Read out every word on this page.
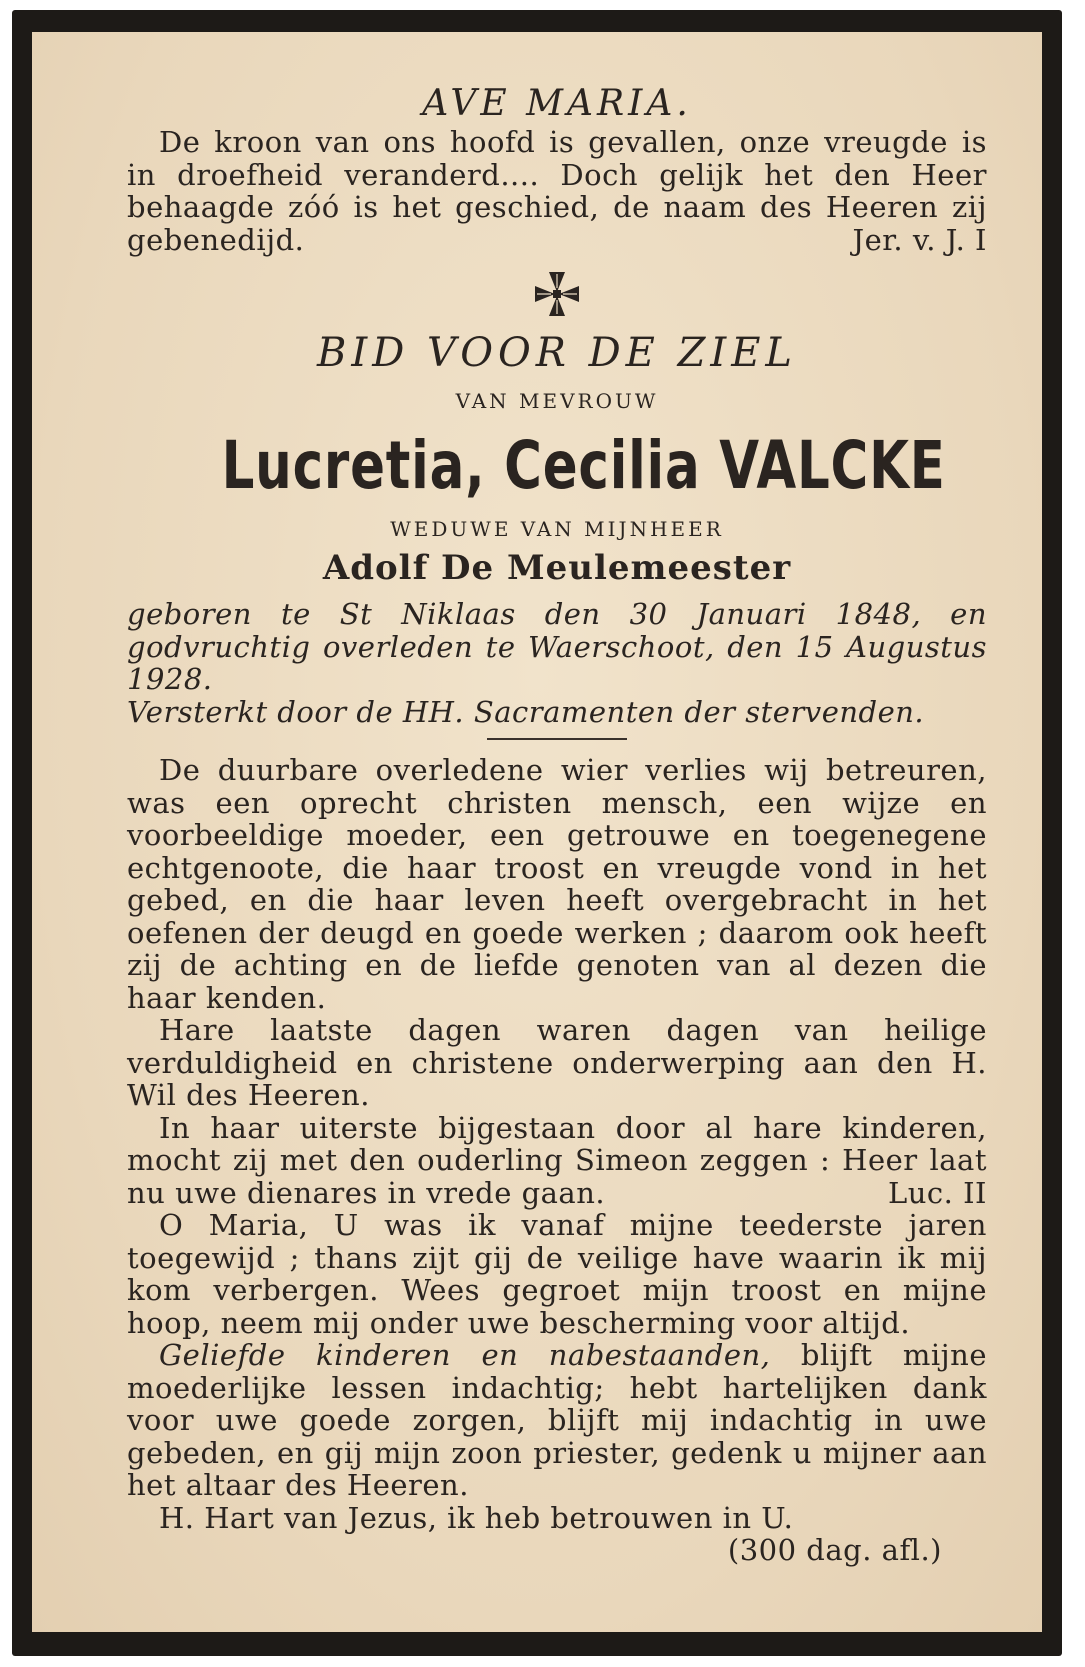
AVE MARIA.

De kroon van ons hoofd is gevallen, onze vreugde is in droefheid veranderd.... Doch gelijk het den Heer behaagde zóó is het geschied, de naam des Heeren zij gebenedijd.	Jer. v. J. I

BID VOOR DE ZIEL

VAN MEVROUW

Lucretia, Cecilia VALCKE

WEDUWE VAN MIJNHEER

Adolf De Meulemeester

geboren te St Niklaas den 30 Januari 1848, en godvruchtig overleden te Waerschoot, den 15 Augustus 1928.

Versterkt door de HH. Sacramenten der stervenden.

De duurbare overledene wier verlies wij betreuren, was een oprecht christen mensch, een wijze en voorbeeldige moeder, een getrouwe en toegenegene echtgenoote, die haar troost en vreugde vond in het gebed, en die haar leven heeft overgebracht in het oefenen der deugd en goede werken ; daarom ook heeft zij de achting en de liefde genoten van al dezen die haar kenden.

Hare laatste dagen waren dagen van heilige verduldigheid en christene onderwerping aan den H. Wil des Heeren.

In haar uiterste bijgestaan door al hare kinderen, mocht zij met den ouderling Simeon zeggen : Heer laat nu uwe dienares in vrede gaan.	Luc. II

O Maria, U was ik vanaf mijne teederste jaren toegewijd ; thans zijt gij de veilige have waarin ik mij kom verbergen. Wees gegroet mijn troost en mijne hoop, neem mij onder uwe bescherming voor altijd.

Geliefde kinderen en nabestaanden, blijft mijne moederlijke lessen indachtig; hebt hartelijken dank voor uwe goede zorgen, blijft mij indachtig in uwe gebeden, en gij mijn zoon priester, gedenk u mijner aan het altaar des Heeren.

H. Hart van Jezus, ik heb betrouwen in U.

(300 dag. afl.)
